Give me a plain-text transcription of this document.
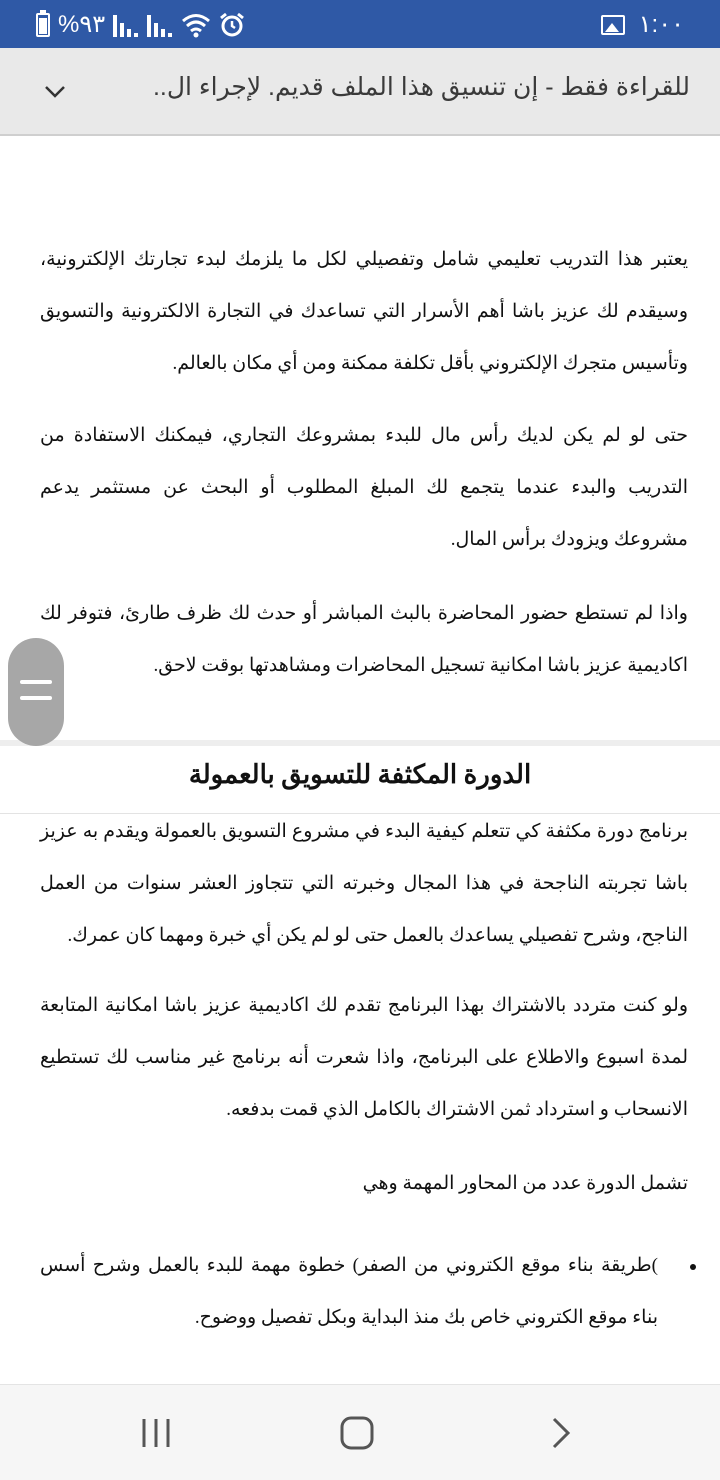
%٩٣	١:٠٠
للقراءة فقط - إن تنسيق هذا الملف قديم. لإجراء ال..

يعتبر هذا التدريب تعليمي شامل وتفصيلي لكل ما يلزمك لبدء تجارتك الإلكترونية، وسيقدم لك عزيز باشا أهم الأسرار التي تساعدك في التجارة الالكترونية والتسويق وتأسيس متجرك الإلكتروني بأقل تكلفة ممكنة ومن أي مكان بالعالم.

حتى لو لم يكن لديك رأس مال للبدء بمشروعك التجاري، فيمكنك الاستفادة من التدريب والبدء عندما يتجمع لك المبلغ المطلوب أو البحث عن مستثمر يدعم مشروعك ويزودك برأس المال.

واذا لم تستطع حضور المحاضرة بالبث المباشر أو حدث لك ظرف طارئ، فتوفر لك اكاديمية عزيز باشا امكانية تسجيل المحاضرات ومشاهدتها بوقت لاحق.

الدورة المكثفة للتسويق بالعمولة

برنامج دورة مكثفة كي تتعلم كيفية البدء في مشروع التسويق بالعمولة ويقدم به عزيز باشا تجربته الناجحة في هذا المجال وخبرته التي تتجاوز العشر سنوات من العمل الناجح، وشرح تفصيلي يساعدك بالعمل حتى لو لم يكن أي خبرة ومهما كان عمرك.

ولو كنت متردد بالاشتراك بهذا البرنامج تقدم لك اكاديمية عزيز باشا امكانية المتابعة لمدة اسبوع والاطلاع على البرنامج، واذا شعرت أنه برنامج غير مناسب لك تستطيع الانسحاب و استرداد ثمن الاشتراك بالكامل الذي قمت بدفعه.

تشمل الدورة عدد من المحاور المهمة وهي

)طريقة بناء موقع الكتروني من الصفر) خطوة مهمة للبدء بالعمل وشرح أسس بناء موقع الكتروني خاص بك منذ البداية وبكل تفصيل ووضوح.
